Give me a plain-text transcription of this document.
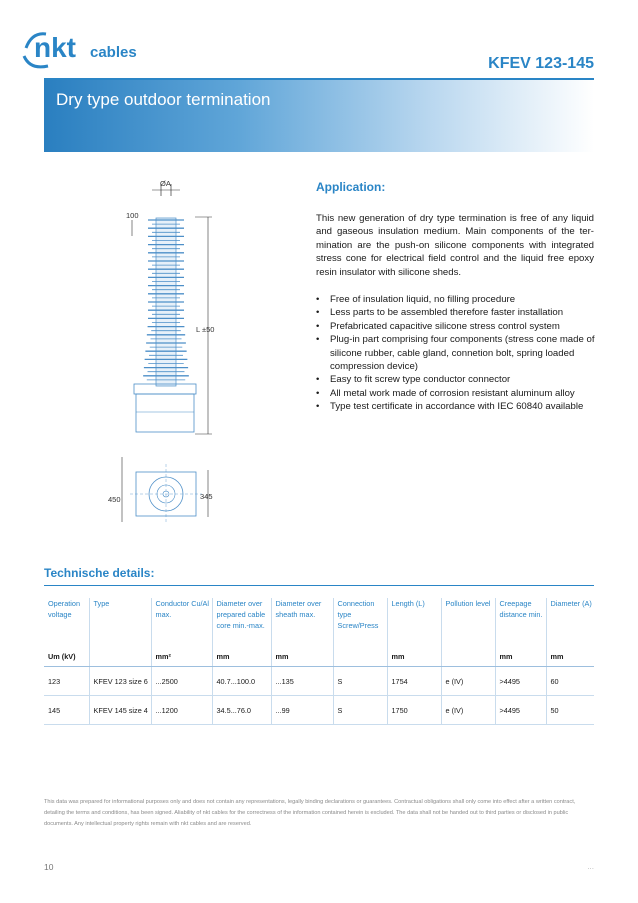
nkt cables
KFEV 123-145
Dry type outdoor termination
ØA
100
L ±50
450	345
Application:
This new generation of dry type termination is free of any liquid and gaseous insulation medium. Main components of the ter-mination are the push-on silicone components with integrated stress cone for electrical field control and the liquid free epoxy resin insulator with silicone sheds.
• Free of insulation liquid, no filling procedure
• Less parts to be assembled therefore faster installation
• Prefabricated capacitive silicone stress control system
• Plug-in part comprising four components (stress cone made of silicone rubber, cable gland, connetion bolt, spring loaded compression device)
• Easy to fit screw type conductor connector
• All metal work made of corrosion resistant aluminum alloy
• Type test certificate in accordance with IEC 60840 available
Technische details:
Operation voltage	Type	Conductor Cu/Al max.	Diameter over prepared cable core min.-max.	Diameter over sheath max.	Connection type Screw/Press	Length (L)	Pollution level	Creepage distance min.	Diameter (A)
Um (kV)		mm²	mm	mm		mm		mm	mm
123	KFEV 123 size 6	...2500	40.7...100.0	...135	S	1754	e (IV)	>4495	60
145	KFEV 145 size 4	...1200	34.5...76.0	...99	S	1750	e (IV)	>4495	50
This data was prepared for informational purposes only and does not contain any representations, legally binding declarations or guarantees. Contractual obligations shall only come into effect after a written contract, detailing the terms and conditions, has been signed. Aliability of nkt cables for the correctness of the information contained herein is excluded. The data shall not be handed out to third parties or disclosed in public documents. Any intellectual property rights remain with nkt cables and are reserved.
10	...
